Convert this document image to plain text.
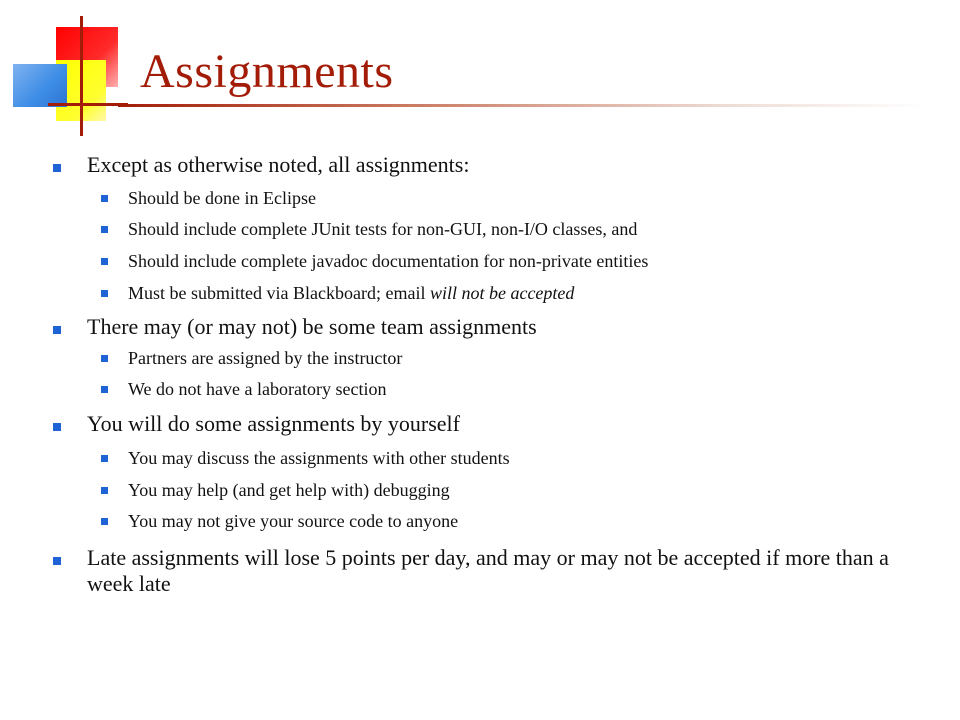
Assignments
Except as otherwise noted, all assignments:
Should be done in Eclipse
Should include complete JUnit tests for non-GUI, non-I/O classes, and
Should include complete javadoc documentation for non-private entities
Must be submitted via Blackboard; email will not be accepted
There may (or may not) be some team assignments
Partners are assigned by the instructor
We do not have a laboratory section
You will do some assignments by yourself
You may discuss the assignments with other students
You may help (and get help with) debugging
You may not give your source code to anyone
Late assignments will lose 5 points per day, and may or may not be accepted if more than a week late
